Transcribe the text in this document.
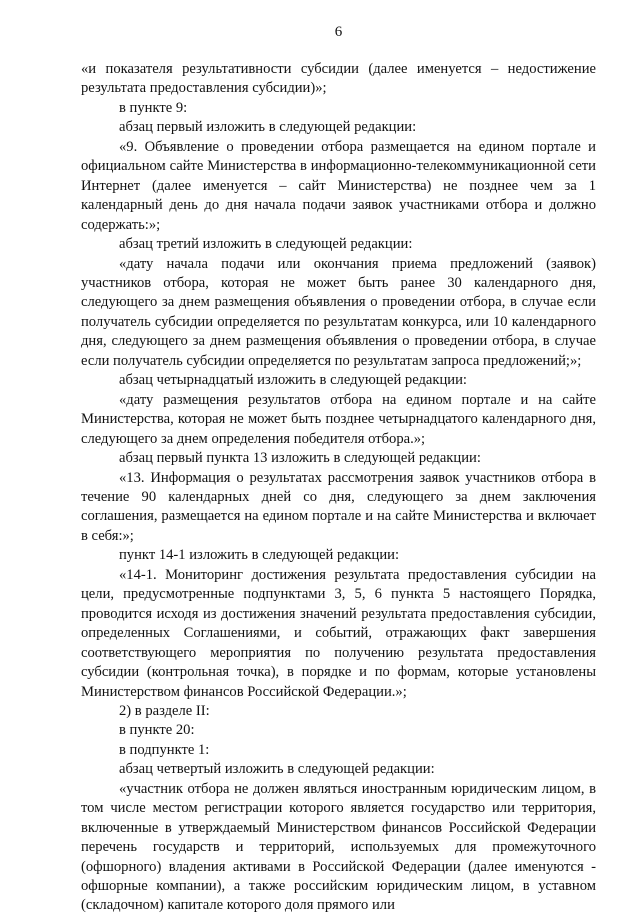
6

«и показателя результативности субсидии (далее именуется – недостижение результата предоставления субсидии)»;

в пункте 9:

абзац первый изложить в следующей редакции:

«9. Объявление о проведении отбора размещается на едином портале и официальном сайте Министерства в информационно-телекоммуникационной сети Интернет (далее именуется – сайт Министерства) не позднее чем за 1 календарный день до дня начала подачи заявок участниками отбора и должно содержать:»;

абзац третий изложить в следующей редакции:

«дату начала подачи или окончания приема предложений (заявок) участников отбора, которая не может быть ранее 30 календарного дня, следующего за днем размещения объявления о проведении отбора, в случае если получатель субсидии определяется по результатам конкурса, или 10 календарного дня, следующего за днем размещения объявления о проведении отбора, в случае если получатель субсидии определяется по результатам запроса предложений;»;

абзац четырнадцатый изложить в следующей редакции:

«дату размещения результатов отбора на едином портале и на сайте Министерства, которая не может быть позднее четырнадцатого календарного дня, следующего за днем определения победителя отбора.»;

абзац первый пункта 13 изложить в следующей редакции:

«13. Информация о результатах рассмотрения заявок участников отбора в течение 90 календарных дней со дня, следующего за днем заключения соглашения, размещается на едином портале и на сайте Министерства и включает в себя:»;

пункт 14-1 изложить в следующей редакции:

«14-1. Мониторинг достижения результата предоставления субсидии на цели, предусмотренные подпунктами 3, 5, 6 пункта 5 настоящего Порядка, проводится исходя из достижения значений результата предоставления субсидии, определенных Соглашениями, и событий, отражающих факт завершения соответствующего мероприятия по получению результата предоставления субсидии (контрольная точка), в порядке и по формам, которые установлены Министерством финансов Российской Федерации.»;

2) в разделе II:

в пункте 20:

в подпункте 1:

абзац четвертый изложить в следующей редакции:

«участник отбора не должен являться иностранным юридическим лицом, в том числе местом регистрации которого является государство или территория, включенные в утверждаемый Министерством финансов Российской Федерации перечень государств и территорий, используемых для промежуточного (офшорного) владения активами в Российской Федерации (далее именуются - офшорные компании), а также российским юридическим лицом, в уставном (складочном) капитале которого доля прямого или
